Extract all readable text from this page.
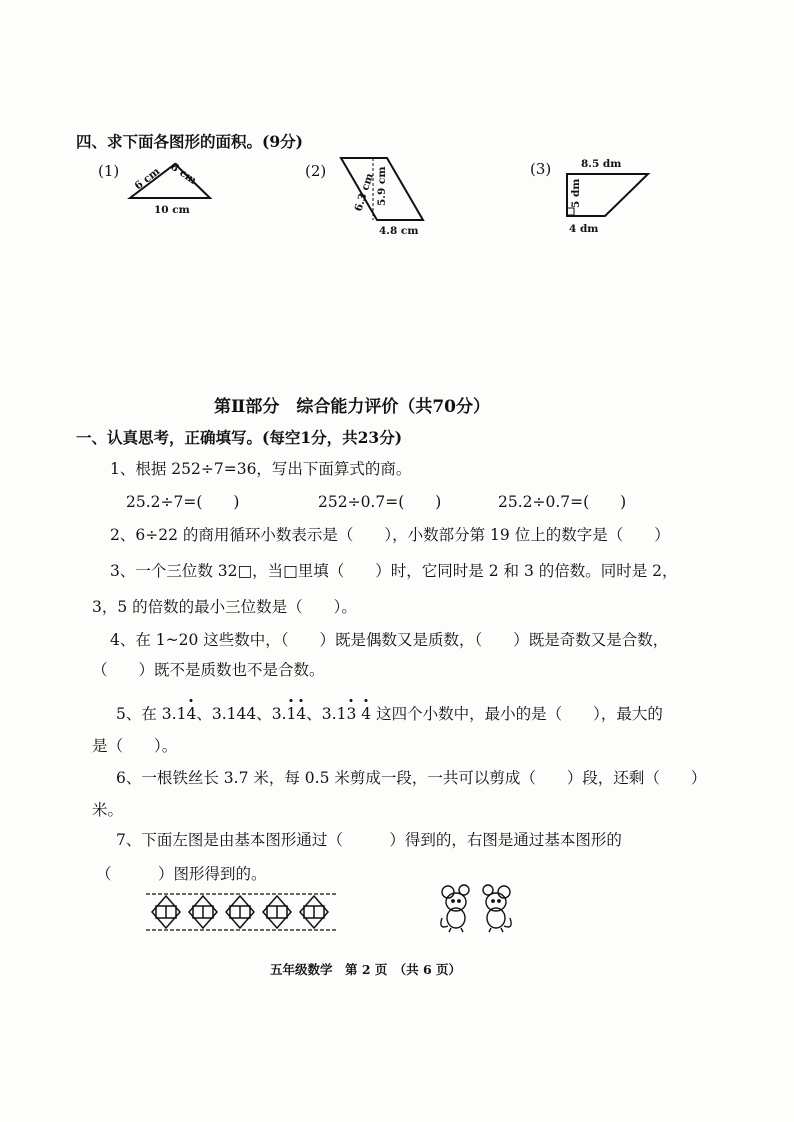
四、求下面各图形的面积。(9分)
(1) 6 cm 8 cm
10 cm
(2)
6.3 cm 5.9 cm
4.8 cm
(3)	8.5 dm
5 dm
4 dm
第Ⅱ部分　综合能力评价（共70分）
一、认真思考，正确填写。(每空1分，共23分)
1、根据 252÷7=36，写出下面算式的商。
25.2÷7=(　　)	252÷0.7=(　　)	25.2÷0.7=(　　)
2、6÷22 的商用循环小数表示是（　　），小数部分第 19 位上的数字是（　　）
3、一个三位数 32□，当□里填（　　）时，它同时是 2 和 3 的倍数。同时是 2，
3，5 的倍数的最小三位数是（　　）。
4、在 1~20 这些数中，（　　）既是偶数又是质数，（　　）既是奇数又是合数，
（　　）既不是质数也不是合数。
5、在 3.14、3.144、3.14、3.13 4 这四个小数中，最小的是（　　），最大的
是（　　）。
6、一根铁丝长 3.7 米，每 0.5 米剪成一段，一共可以剪成（　　）段，还剩（　　）
米。
7、下面左图是由基本图形通过（　　　）得到的，右图是通过基本图形的
（　　　）图形得到的。
五年级数学　第 2 页　（共 6 页）
